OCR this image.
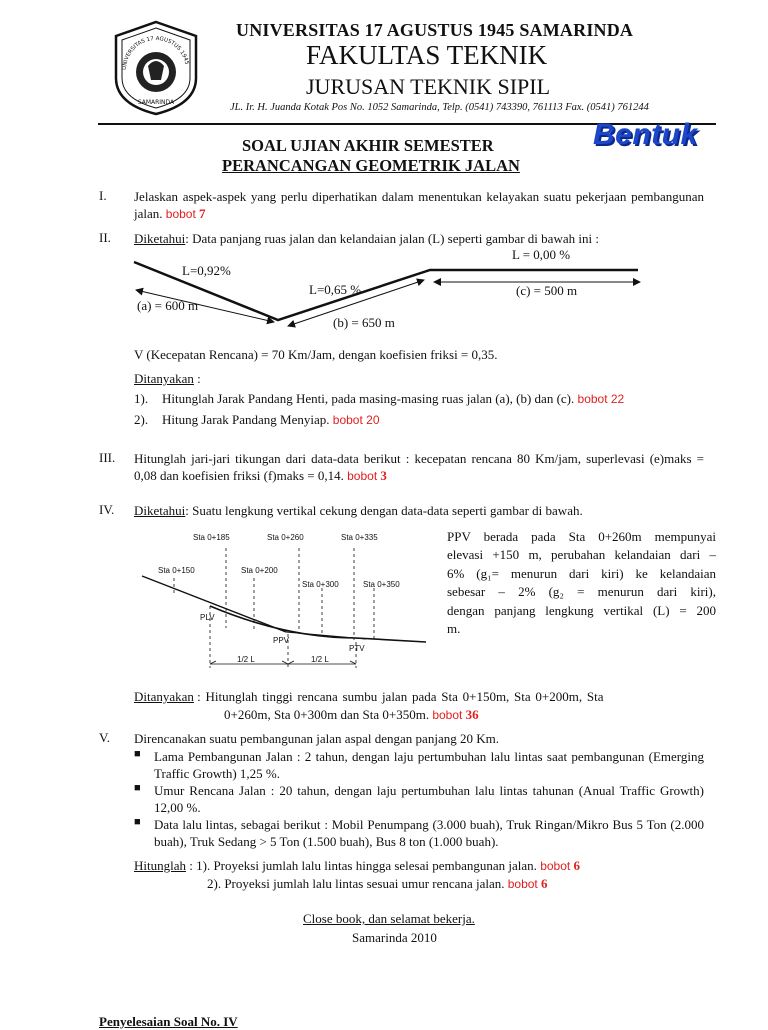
UNIVERSITAS 17 AGUSTUS 1945
SAMARINDA
UNIVERSITAS 17 AGUSTUS 1945 SAMARINDA
FAKULTAS TEKNIK
JURUSAN TEKNIK SIPIL
JL. Ir. H. Juanda Kotak Pos No. 1052 Samarinda, Telp. (0541) 743390, 761113 Fax. (0541) 761244
SOAL UJIAN AKHIR SEMESTER
PERANCANGAN GEOMETRIK JALAN
Bentuk
I. Jelaskan aspek-aspek yang perlu diperhatikan dalam menentukan kelayakan suatu pekerjaan pembangunan jalan. bobot 7
II. Diketahui: Data panjang ruas jalan dan kelandaian jalan (L) seperti gambar di bawah ini :
L=0,92%
L=0,65 %
L = 0,00 %
(a) = 600 m
(b) = 650 m
(c) = 500 m
V (Kecepatan Rencana) = 70 Km/Jam, dengan koefisien friksi = 0,35.
Ditanyakan :
1). Hitunglah Jarak Pandang Henti, pada masing-masing ruas jalan (a), (b) dan (c). bobot 22
2). Hitung Jarak Pandang Menyiap. bobot 20
III. Hitunglah jari-jari tikungan dari data-data berikut : kecepatan rencana 80 Km/jam, superlevasi (e)maks = 0,08 dan koefisien friksi (f)maks = 0,14. bobot 3
IV. Diketahui: Suatu lengkung vertikal cekung dengan data-data seperti gambar di bawah.
Sta 0+185	Sta 0+260	Sta 0+335
Sta 0+150	Sta 0+200
Sta 0+300	Sta 0+350
PLV
PPV
PTV
1/2 L	1/2 L
PPV berada pada Sta 0+260m mempunyai
elevasi +150 m, perubahan kelandaian dari –
6% (g₁= menurun dari kiri) ke kelandaian
sebesar – 2% (g₂ = menurun dari kiri),
dengan panjang lengkung vertikal (L) = 200
m.
Ditanyakan : Hitunglah tinggi rencana sumbu jalan pada Sta 0+150m, Sta 0+200m, Sta
0+260m, Sta 0+300m dan Sta 0+350m. bobot 36
V. Direncanakan suatu pembangunan jalan aspal dengan panjang 20 Km.
■ Lama Pembangunan Jalan : 2 tahun, dengan laju pertumbuhan lalu lintas saat pembangunan (Emerging Traffic Growth) 1,25 %.
■ Umur Rencana Jalan : 20 tahun, dengan laju pertumbuhan lalu lintas tahunan (Anual Traffic Growth) 12,00 %.
■ Data lalu lintas, sebagai berikut : Mobil Penumpang (3.000 buah), Truk Ringan/Mikro Bus 5 Ton (2.000 buah), Truk Sedang > 5 Ton (1.500 buah), Bus 8 ton (1.000 buah).
Hitunglah : 1). Proyeksi jumlah lalu lintas hingga selesai pembangunan jalan. bobot 6
2). Proyeksi jumlah lalu lintas sesuai umur rencana jalan. bobot 6
Close book, dan selamat bekerja.
Samarinda 2010
Penyelesaian Soal No. IV
